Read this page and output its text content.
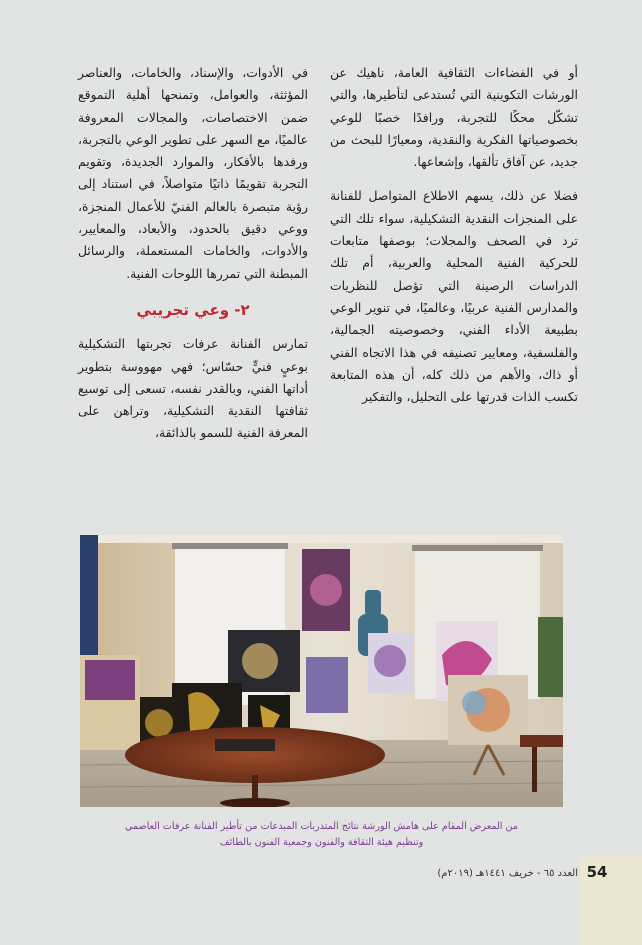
أو في الفضاءات الثقافية العامة، ناهيك عن الورشات التكوينية التي تُستدعى لتأطيرها، والتي تشكّل محكًا للتجربة، ورافدًا خصبًا للوعي بخصوصياتها الفكرية والنقدية، ومعيارًا للبحث من جديد، عن آفاق تألقها، وإشعاعها.

فضلا عن ذلك، يسهم الاطلاع المتواصل للفنانة على المنجزات النقدية التشكيلية، سواء تلك التي ترد في الصحف والمجلات؛ بوصفها متابعات للحركية الفنية المحلية والعربية، أم تلك الدراسات الرصينة التي تؤصل للنظريات والمدارس الفنية عربيًا، وعالميًا، في تنوير الوعي بطبيعة الأداء الفني، وخصوصيته الجمالية، والفلسفية، ومعايير تصنيفه في هذا الاتجاه الفني أو ذاك، والأهم من ذلك كله، أن هذه المتابعة تكسب الذات قدرتها على التحليل، والتفكير

في الأدوات، والإسناد، والخامات، والعناصر المؤثثة، والعوامل، وتمنحها أهلية التموقع ضمن الاختصاصات، والمجالات المعروفة عالميًا، مع السهر على تطوير الوعي بالتجربة، ورفدها بالأفكار، والموارد الجديدة، وتقويم التجربة تقويمًا ذاتيًا متواصلاً، في استناد إلى رؤية متبصرة بالعالم الفنيّ للأعمال المنجزة، ووعي دقيق بالحدود، والأبعاد، والمعايير، والأدوات، والخامات المستعملة، والرسائل المبطنة التي تمررها اللوحات الفنية.

٢- وعي تجريبي

تمارس الفنانة عرفات تجربتها التشكيلية بوعيٍ فنيٍّ حسّاس؛ فهي مهووسة بتطوير أداتها الفني، وبالقدر نفسه، تسعى إلى توسيع ثقافتها النقدية التشكيلية، وتراهن على المعرفة الفنية للسمو بالذائقة،

من المعرض المقام على هامش الورشة نتائج المتدربات المبدعات من تأطير الفنانة عرفات العاصمي
وتنظيم هيئة الثقافة والفنون وجمعية الفنون بالطائف
العدد ٦٥ - خريف ١٤٤١هـ (٢٠١٩م) 54
